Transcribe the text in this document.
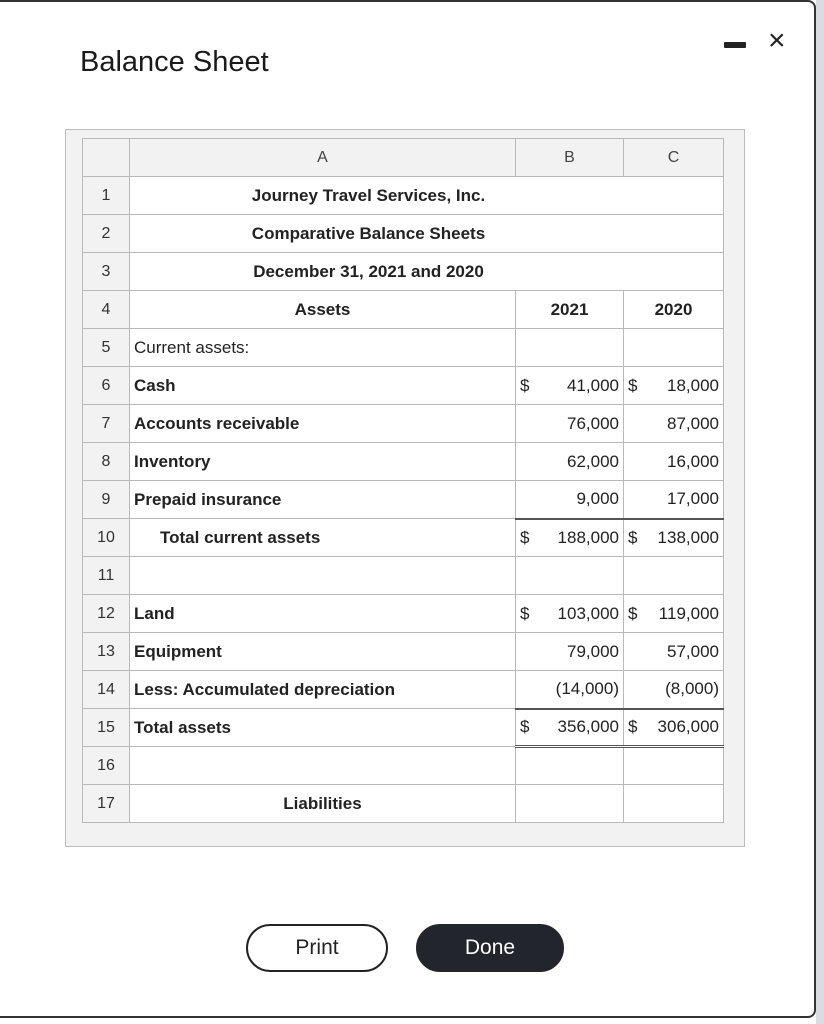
Balance Sheet
×
	A	B	C
1	Journey Travel Services, Inc.		
2	Comparative Balance Sheets		
3	December 31, 2021 and 2020		
4	Assets	2021	2020
5	Current assets:		
6	Cash	$ 41,000	$ 18,000

7	Accounts receivable	76,000	87,000
8	Inventory	62,000	16,000
9	Prepaid insurance	9,000	17,000
10	Total current assets	$ 188,000	$ 138,000

11			
12	Land	$ 103,000	$ 119,000

13	Equipment	79,000	57,000
14	Less: Accumulated depreciation	(14,000)	(8,000)
15	Total assets	$ 356,000	$ 306,000

16			
17	Liabilities		
Print	Done
